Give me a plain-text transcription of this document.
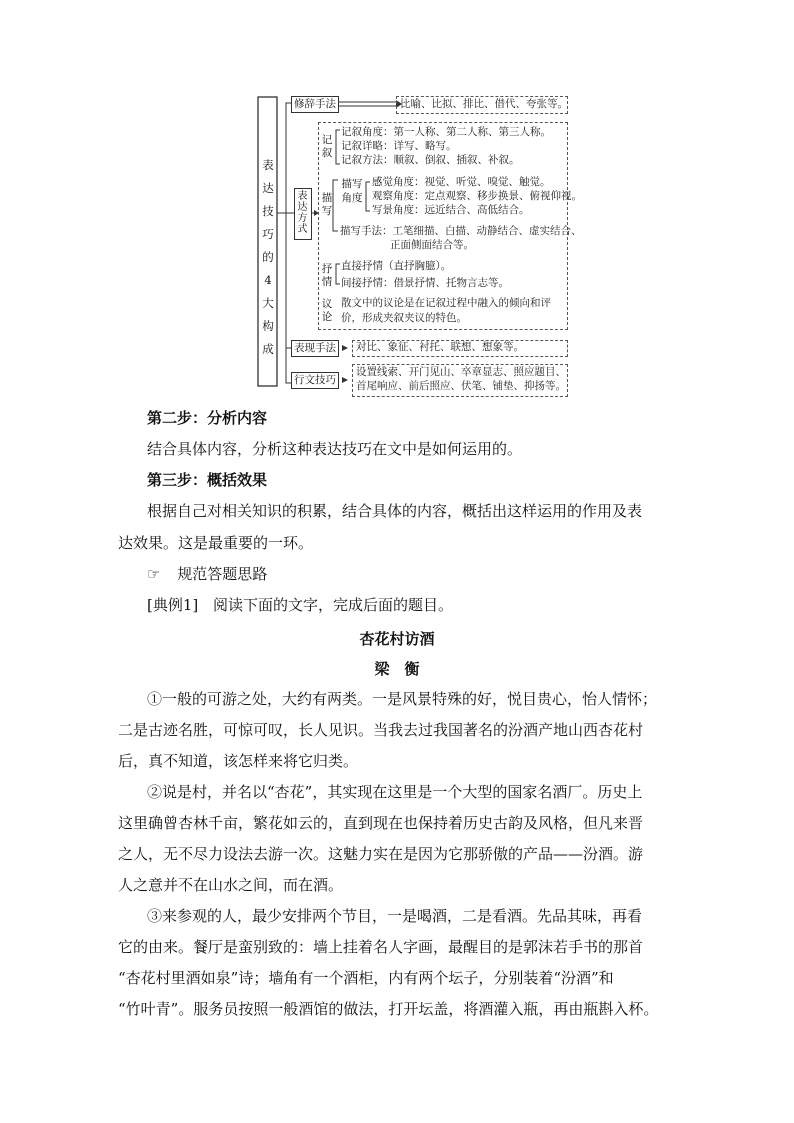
表达技巧的4大构成
修辞手法	比喻、比拟、排比、借代、夸张等。
表达方式
记叙
记叙角度：第一人称、第二人称、第三人称。
记叙详略：详写、略写。
记叙方法：顺叙、倒叙、插叙、补叙。
描写
描写角度
感觉角度：视觉、听觉、嗅觉、触觉。
观察角度：定点观察、移步换景、俯视仰视。
写景角度：远近结合、高低结合。
描写手法：工笔细描、白描、动静结合、虚实结合、
正面侧面结合等。
抒情
直接抒情（直抒胸臆）。
间接抒情：借景抒情、托物言志等。
议论
散文中的议论是在记叙过程中融入的倾向和评
价，形成夹叙夹议的特色。
表现手法 对比、象征、衬托、联想、想象等。
行文技巧
设置线索、开门见山、卒章显志、照应题目、
首尾响应、前后照应、伏笔、铺垫、抑扬等。
第二步：分析内容
结合具体内容，分析这种表达技巧在文中是如何运用的。
第三步：概括效果
根据自己对相关知识的积累，结合具体的内容，概括出这样运用的作用及表
达效果。这是最重要的一环。
☞ 规范答题思路
[典例1] 阅读下面的文字，完成后面的题目。
杏花村访酒
梁　衡
①一般的可游之处，大约有两类。一是风景特殊的好，悦目贵心，怡人情怀；
二是古迹名胜，可惊可叹，长人见识。当我去过我国著名的汾酒产地山西杏花村
后，真不知道，该怎样来将它归类。
②说是村，并名以“杏花”，其实现在这里是一个大型的国家名酒厂。历史上
这里确曾杏林千亩，繁花如云的，直到现在也保持着历史古韵及风格，但凡来晋
之人，无不尽力设法去游一次。这魅力实在是因为它那骄傲的产品——汾酒。游
人之意并不在山水之间，而在酒。
③来参观的人，最少安排两个节目，一是喝酒，二是看酒。先品其味，再看
它的由来。餐厅是蛮别致的：墙上挂着名人字画，最醒目的是郭沫若手书的那首
“杏花村里酒如泉”诗；墙角有一个酒柜，内有两个坛子，分别装着“汾酒”和
“竹叶青”。服务员按照一般酒馆的做法，打开坛盖，将酒灌入瓶，再由瓶斟入杯。
